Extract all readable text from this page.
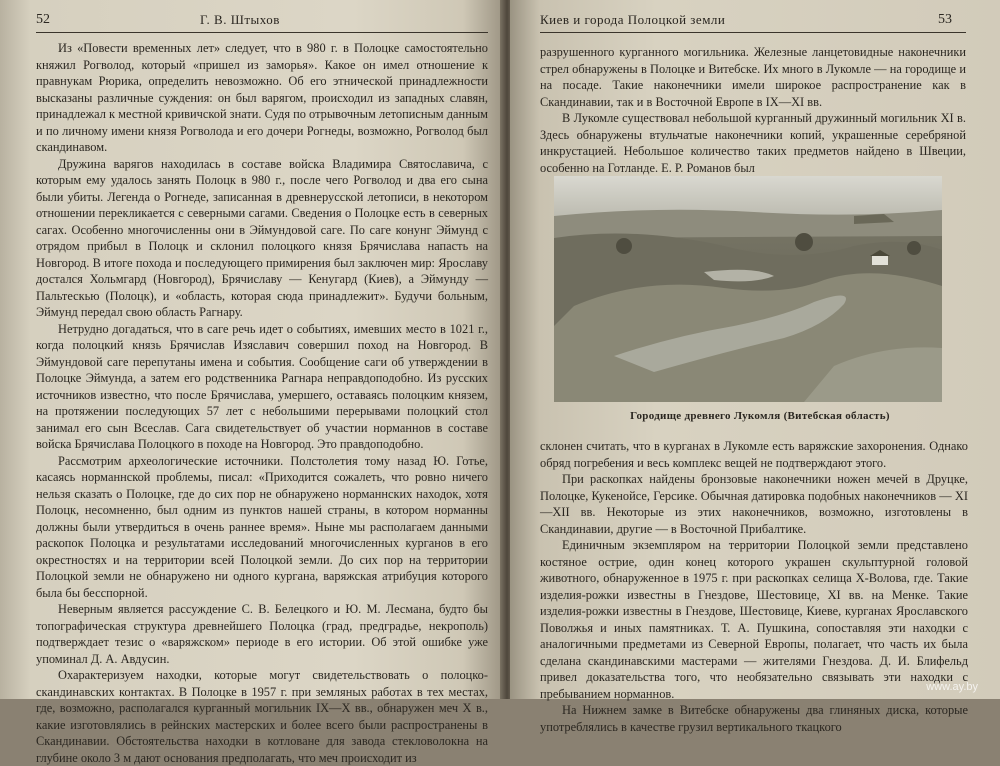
52	Г. В. Штыхов

Из «Повести временных лет» следует, что в 980 г. в Полоцке самостоятельно княжил Рогволод, который «пришел из заморья». Какое он имел отношение к правнукам Рюрика, определить невозможно. Об его этнической принадлежности высказаны различные суждения: он был варягом, происходил из западных славян, принадлежал к местной кривичской знати. Судя по отрывочным летописным данным и по личному имени князя Рогволода и его дочери Рогнеды, возможно, Рогволод был скандинавом.

Дружина варягов находилась в составе войска Владимира Святославича, с которым ему удалось занять Полоцк в 980 г., после чего Рогволод и два его сына были убиты. Легенда о Рогнеде, записанная в древнерусской летописи, в некотором отношении перекликается с северными сагами. Сведения о Полоцке есть в северных сагах. Особенно многочисленны они в Эймундовой саге. По саге конунг Эймунд с отрядом прибыл в Полоцк и склонил полоцкого князя Брячислава напасть на Новгород. В итоге похода и последующего примирения был заключен мир: Ярославу достался Хольмгард (Новгород), Брячиславу — Кенугард (Киев), а Эймунду — Пальтескью (Полоцк), и «область, которая сюда принадлежит». Будучи больным, Эймунд передал свою область Рагнару.

Нетрудно догадаться, что в саге речь идет о событиях, имевших место в 1021 г., когда полоцкий князь Брячислав Изяславич совершил поход на Новгород. В Эймундовой саге перепутаны имена и события. Сообщение саги об утверждении в Полоцке Эймунда, а затем его родственника Рагнара неправдоподобно. Из русских источников известно, что после Брячислава, умершего, оставаясь полоцким князем, на протяжении последующих 57 лет с небольшими перерывами полоцкий стол занимал его сын Всеслав. Сага свидетельствует об участии норманнов в составе войска Брячислава Полоцкого в походе на Новгород. Это правдоподобно.

Рассмотрим археологические источники. Полстолетия тому назад Ю. Готье, касаясь норманнской проблемы, писал: «Приходится сожалеть, что ровно ничего нельзя сказать о Полоцке, где до сих пор не обнаружено норманнских находок, хотя Полоцк, несомненно, был одним из пунктов нашей страны, в котором норманны должны были утвердиться в очень раннее время». Ныне мы располагаем данными раскопок Полоцка и результатами исследований многочисленных курганов в его окрестностях и на территории всей Полоцкой земли. До сих пор на территории Полоцкой земли не обнаружено ни одного кургана, варяжская атрибуция которого была бы бесспорной.

Неверным является рассуждение С. В. Белецкого и Ю. М. Лесмана, будто бы топографическая структура древнейшего Полоцка (град, предградье, некрополь) подтверждает тезис о «варяжском» периоде в его истории. Об этой ошибке уже упоминал Д. А. Авдусин.

Охарактеризуем находки, которые могут свидетельствовать о полоцко-скандинавских контактах. В Полоцке в 1957 г. при земляных работах в тех местах, где, возможно, располагался курганный могильник IX—X вв., обнаружен меч X в., какие изготовлялись в рейнских мастерских и более всего были распространены в Скандинавии. Обстоятельства находки в котловане для завода стекловолокна на глубине около 3 м дают основания предполагать, что меч происходит из

Киев и города Полоцкой земли	53

разрушенного курганного могильника. Железные ланцетовидные наконечники стрел обнаружены в Полоцке и Витебске. Их много в Лукомле — на городище и на посаде. Такие наконечники имели широкое распространение как в Скандинавии, так и в Восточной Европе в IX—XI вв.

В Лукомле существовал небольшой курганный дружинный могильник XI в. Здесь обнаружены втульчатые наконечники копий, украшенные серебряной инкрустацией. Небольшое количество таких предметов найдено в Швеции, особенно на Готланде. Е. Р. Романов был

Городище древнего Лукомля (Витебская область)

склонен считать, что в курганах в Лукомле есть варяжские захоронения. Однако обряд погребения и весь комплекс вещей не подтверждают этого.

При раскопках найдены бронзовые наконечники ножен мечей в Друцке, Полоцке, Кукенойсе, Герсике. Обычная датировка подобных наконечников — XI—XII вв. Некоторые из этих наконечников, возможно, изготовлены в Скандинавии, другие — в Восточной Прибалтике.

Единичным экземпляром на территории Полоцкой земли представлено костяное острие, один конец которого украшен скульптурной головой животного, обнаруженное в 1975 г. при раскопках селища Х-Волова, где. Такие изделия-рожки известны в Гнездове, Шестовице, XI вв. на Менке. Такие изделия-рожки известны в Гнездове, Шестовице, Киеве, курганах Ярославского Поволжья и иных памятниках. Т. А. Пушкина, сопоставляя эти находки с аналогичными предметами из Северной Европы, полагает, что часть их была сделана скандинавскими мастерами — жителями Гнездова. Д. И. Блифельд привел доказательства того, что необязательно связывать эти находки с пребыванием норманнов.

На Нижнем замке в Витебске обнаружены два глиняных диска, которые употреблялись в качестве грузил вертикального ткацкого

www.ay.by
